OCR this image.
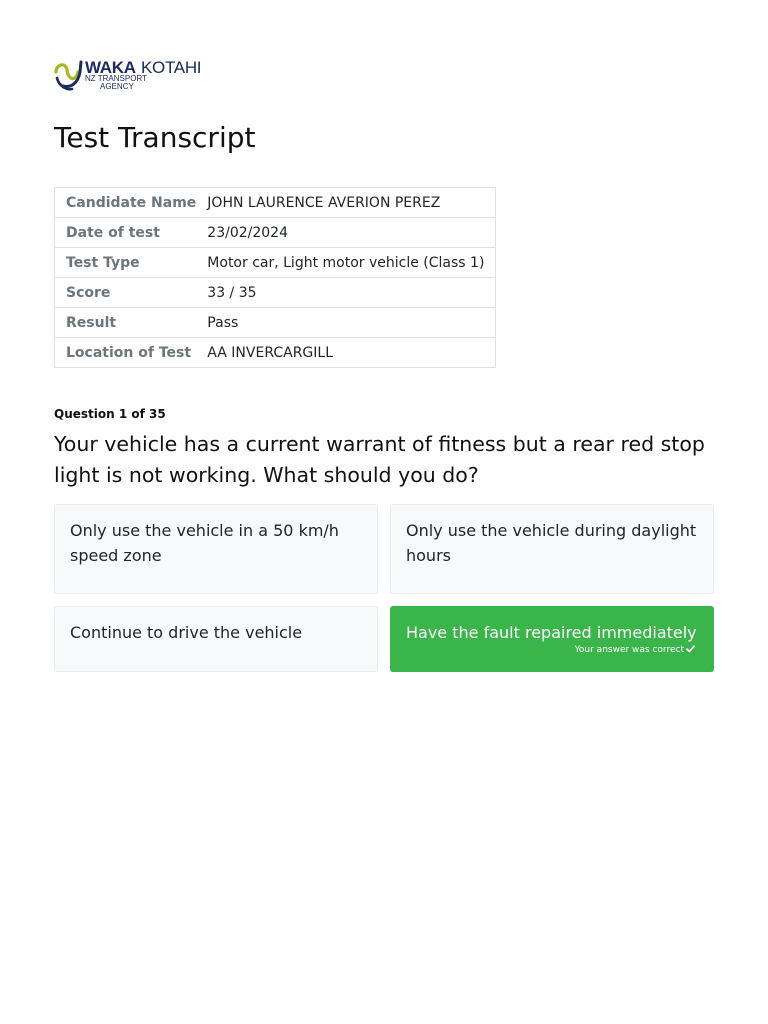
WAKA KOTAHI
NZ TRANSPORT
AGENCY
Test Transcript
Candidate Name	JOHN LAURENCE AVERION PEREZ
Date of test	23/02/2024
Test Type	Motor car, Light motor vehicle (Class 1)
Score	33 / 35
Result	Pass
Location of Test	AA INVERCARGILL
Question 1 of 35
Your vehicle has a current warrant of fitness but a rear red stop light is not working. What should you do?
Only use the vehicle in a 50 km/h speed zone
Only use the vehicle during daylight hours
Continue to drive the vehicle	Have the fault repaired immediately
Your answer was correct
